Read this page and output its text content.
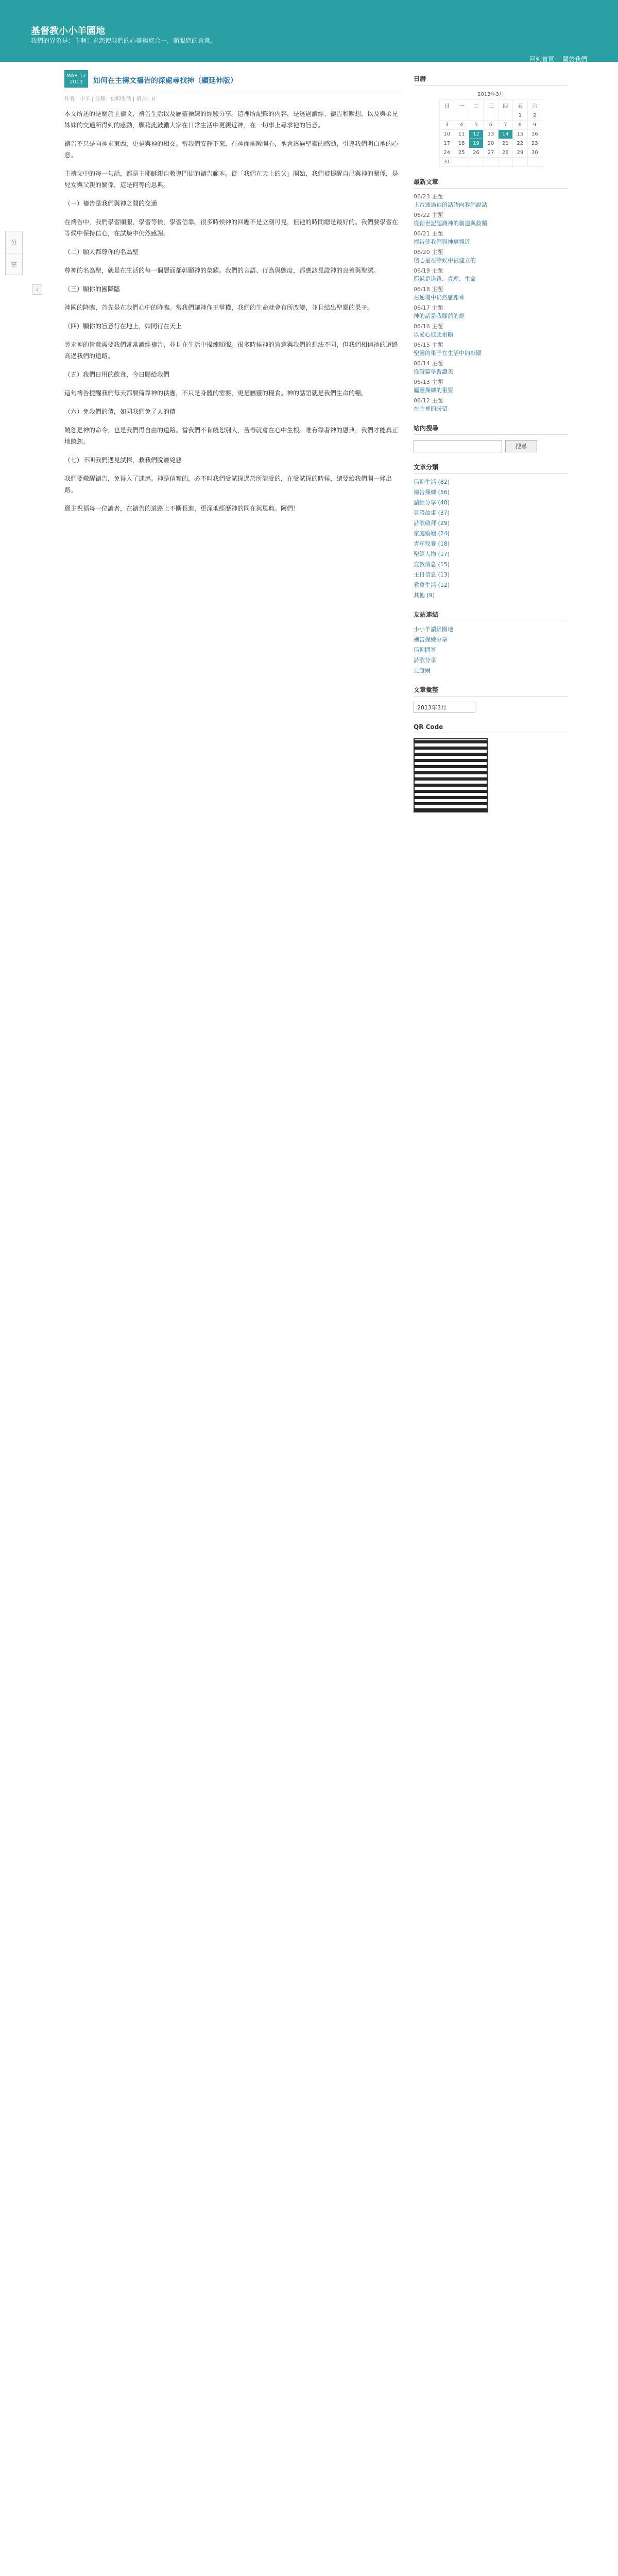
基督教小小羊園地
我們的異象是：主啊！求您使我們的心靈與您合一，順服您的旨意。
回到首頁 關於我們
分
享
‹
MAR 12
2013	如何在主禱文禱告的深處尋找神（續延伸版）
作者：小羊 | 分類：信仰生活 | 留言：0

本文所述的是關於主禱文、禱告生活以及屬靈操練的經驗分享。這裡所記錄的內容，是透過讀經、禱告和默想，以及與弟兄姊妹的交通所得到的感動，願藉此鼓勵大家在日常生活中更親近神，在一切事上尋求祂的旨意。

禱告不只是向神求東西，更是與神的相交。當我們安靜下來，在神面前敞開心，祂會透過聖靈的感動，引導我們明白祂的心意。

主禱文中的每一句話，都是主耶穌親自教導門徒的禱告範本。從「我們在天上的父」開始，我們被提醒自己與神的關係，是兒女與父親的關係，這是何等的恩典。

（一）禱告是我們與神之間的交通

在禱告中，我們學習順服，學習等候，學習信靠。很多時候神的回應不是立刻可見，但祂的時間總是最好的。我們要學習在等候中保持信心，在試煉中仍然感謝。

（二）願人都尊你的名為聖

尊神的名為聖，就是在生活的每一個層面都彰顯神的榮耀。我們的言語、行為與態度，都應該見證神的良善與聖潔。

（三）願你的國降臨

神國的降臨，首先是在我們心中的降臨。當我們讓神作王掌權，我們的生命就會有所改變，並且結出聖靈的果子。

（四）願你的旨意行在地上，如同行在天上

尋求神的旨意需要我們常常讀經禱告，並且在生活中操練順服。很多時候神的旨意與我們的想法不同，但我們相信祂的道路高過我們的道路。

（五）我們日用的飲食，今日賜給我們

這句禱告提醒我們每天都要倚靠神的供應，不只是身體的需要，更是屬靈的糧食。神的話語就是我們生命的糧。

（六）免我們的債，如同我們免了人的債

饒恕是神的命令，也是我們得自由的道路。當我們不肯饒恕別人，苦毒就會在心中生根。唯有靠著神的恩典，我們才能真正地饒恕。

（七）不叫我們遇見試探，救我們脫離兇惡

我們要儆醒禱告，免得入了迷惑。神是信實的，必不叫我們受試探過於所能受的，在受試探的時候，總要給我們開一條出路。

願主祝福每一位讀者，在禱告的道路上不斷長進，更深地經歷神的同在與恩典。阿們！

日曆
2013年3月
日	一	二	三	四	五	六
					1	2
3	4	5	6	7	8	9
10	11	12	13	14	15	16
17	18	19	20	21	22	23
24	25	26	27	28	29	30
31						
最新文章
06/23 主題
上帝透過祂的話語向我們說話
06/22 主題
從創世記認識神的創造與救贖
06/21 主題
禱告使我們與神更親近
06/20 主題
信心是在等候中被建立的
06/19 主題
耶穌是道路、真理、生命
06/18 主題
在逆境中仍然感謝神
06/17 主題
神的話是我腳前的燈
06/16 主題
以愛心彼此相顧
06/15 主題
聖靈的果子在生活中的彰顯
06/14 主題
從詩篇學習讚美
06/13 主題
屬靈操練的重要
06/12 主題
在主裡的盼望
站內搜尋
搜尋
文章分類
信仰生活 (82)
禱告操練 (56)
讀經分享 (48)
見證故事 (37)
詩歌敬拜 (29)
家庭婚姻 (24)
青年牧養 (18)
聖經人物 (17)
宣教消息 (15)
主日信息 (13)
教會生活 (12)
其他 (9)
友站連結
小小羊讀經園地
禱告操練分享
信仰問答
詩歌分享
見證網
文章彙整
2013年3月
QR Code
